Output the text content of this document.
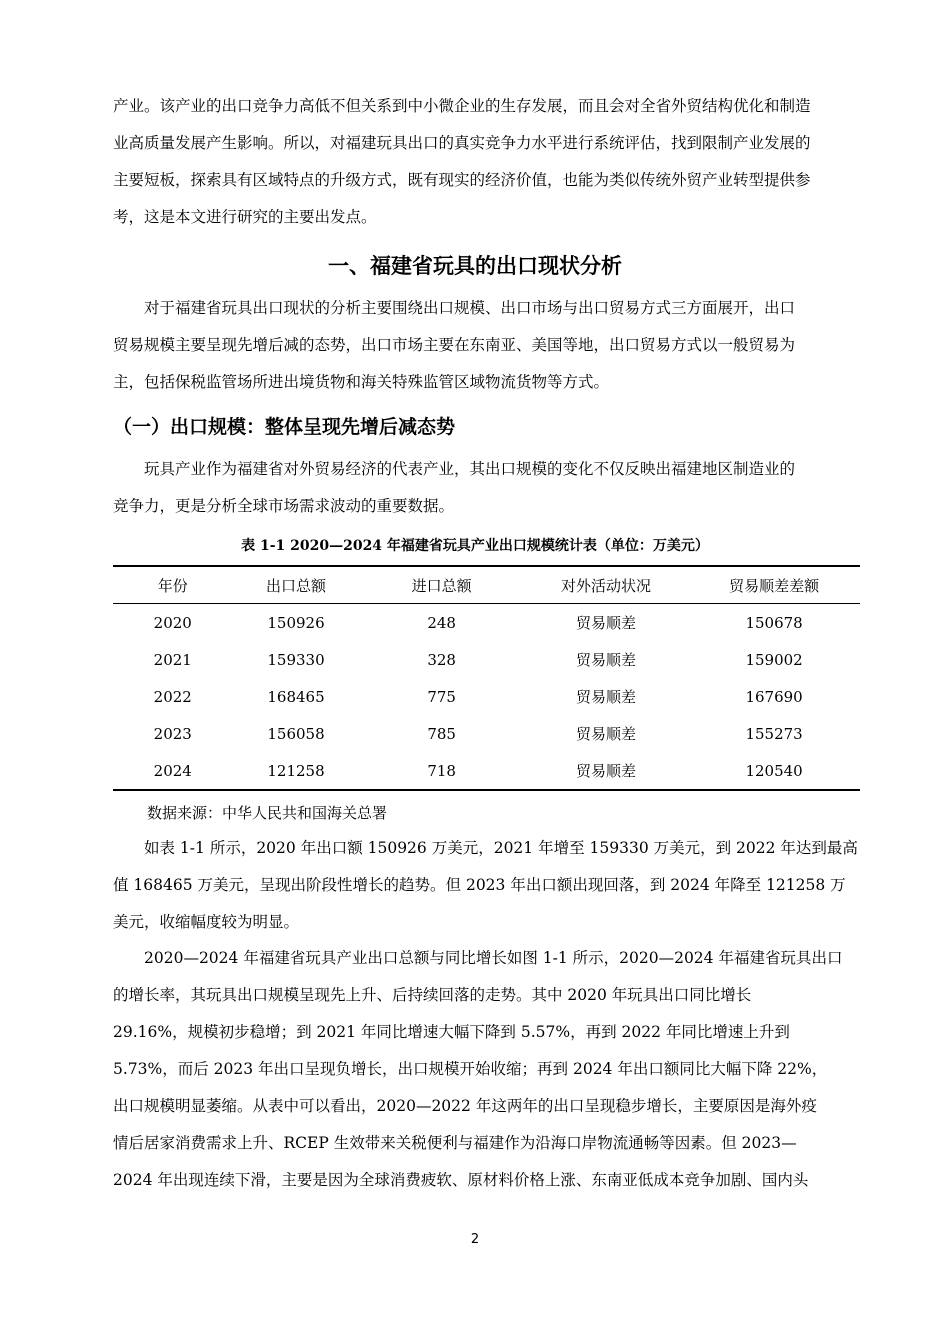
产业。该产业的出口竞争力高低不但关系到中小微企业的生存发展，而且会对全省外贸结构优化和制造
业高质量发展产生影响。所以，对福建玩具出口的真实竞争力水平进行系统评估，找到限制产业发展的
主要短板，探索具有区域特点的升级方式，既有现实的经济价值，也能为类似传统外贸产业转型提供参
考，这是本文进行研究的主要出发点。
一、福建省玩具的出口现状分析
　　对于福建省玩具出口现状的分析主要围绕出口规模、出口市场与出口贸易方式三方面展开，出口
贸易规模主要呈现先增后减的态势，出口市场主要在东南亚、美国等地，出口贸易方式以一般贸易为
主，包括保税监管场所进出境货物和海关特殊监管区域物流货物等方式。
（一）出口规模：整体呈现先增后减态势
　　玩具产业作为福建省对外贸易经济的代表产业，其出口规模的变化不仅反映出福建地区制造业的
竞争力，更是分析全球市场需求波动的重要数据。

表 1-1 2020—2024 年福建省玩具产业出口规模统计表（单位：万美元）

年份	出口总额	进口总额	对外活动状况	贸易顺差差额
2020	150926	248	贸易顺差	150678
2021	159330	328	贸易顺差	159002
2022	168465	775	贸易顺差	167690
2023	156058	785	贸易顺差	155273
2024	121258	718	贸易顺差	120540

数据来源：中华人民共和国海关总署

　　如表 1-1 所示，2020 年出口额 150926 万美元，2021 年增至 159330 万美元，到 2022 年达到最高
值 168465 万美元，呈现出阶段性增长的趋势。但 2023 年出口额出现回落，到 2024 年降至 121258 万
美元，收缩幅度较为明显。
　　2020—2024 年福建省玩具产业出口总额与同比增长如图 1-1 所示，2020—2024 年福建省玩具出口
的增长率，其玩具出口规模呈现先上升、后持续回落的走势。其中 2020 年玩具出口同比增长
29.16%，规模初步稳增；到 2021 年同比增速大幅下降到 5.57%，再到 2022 年同比增速上升到
5.73%，而后 2023 年出口呈现负增长，出口规模开始收缩；再到 2024 年出口额同比大幅下降 22%，
出口规模明显萎缩。从表中可以看出，2020—2022 年这两年的出口呈现稳步增长，主要原因是海外疫
情后居家消费需求上升、RCEP 生效带来关税便利与福建作为沿海口岸物流通畅等因素。但 2023—
2024 年出现连续下滑，主要是因为全球消费疲软、原材料价格上涨、东南亚低成本竞争加剧、国内头
2
